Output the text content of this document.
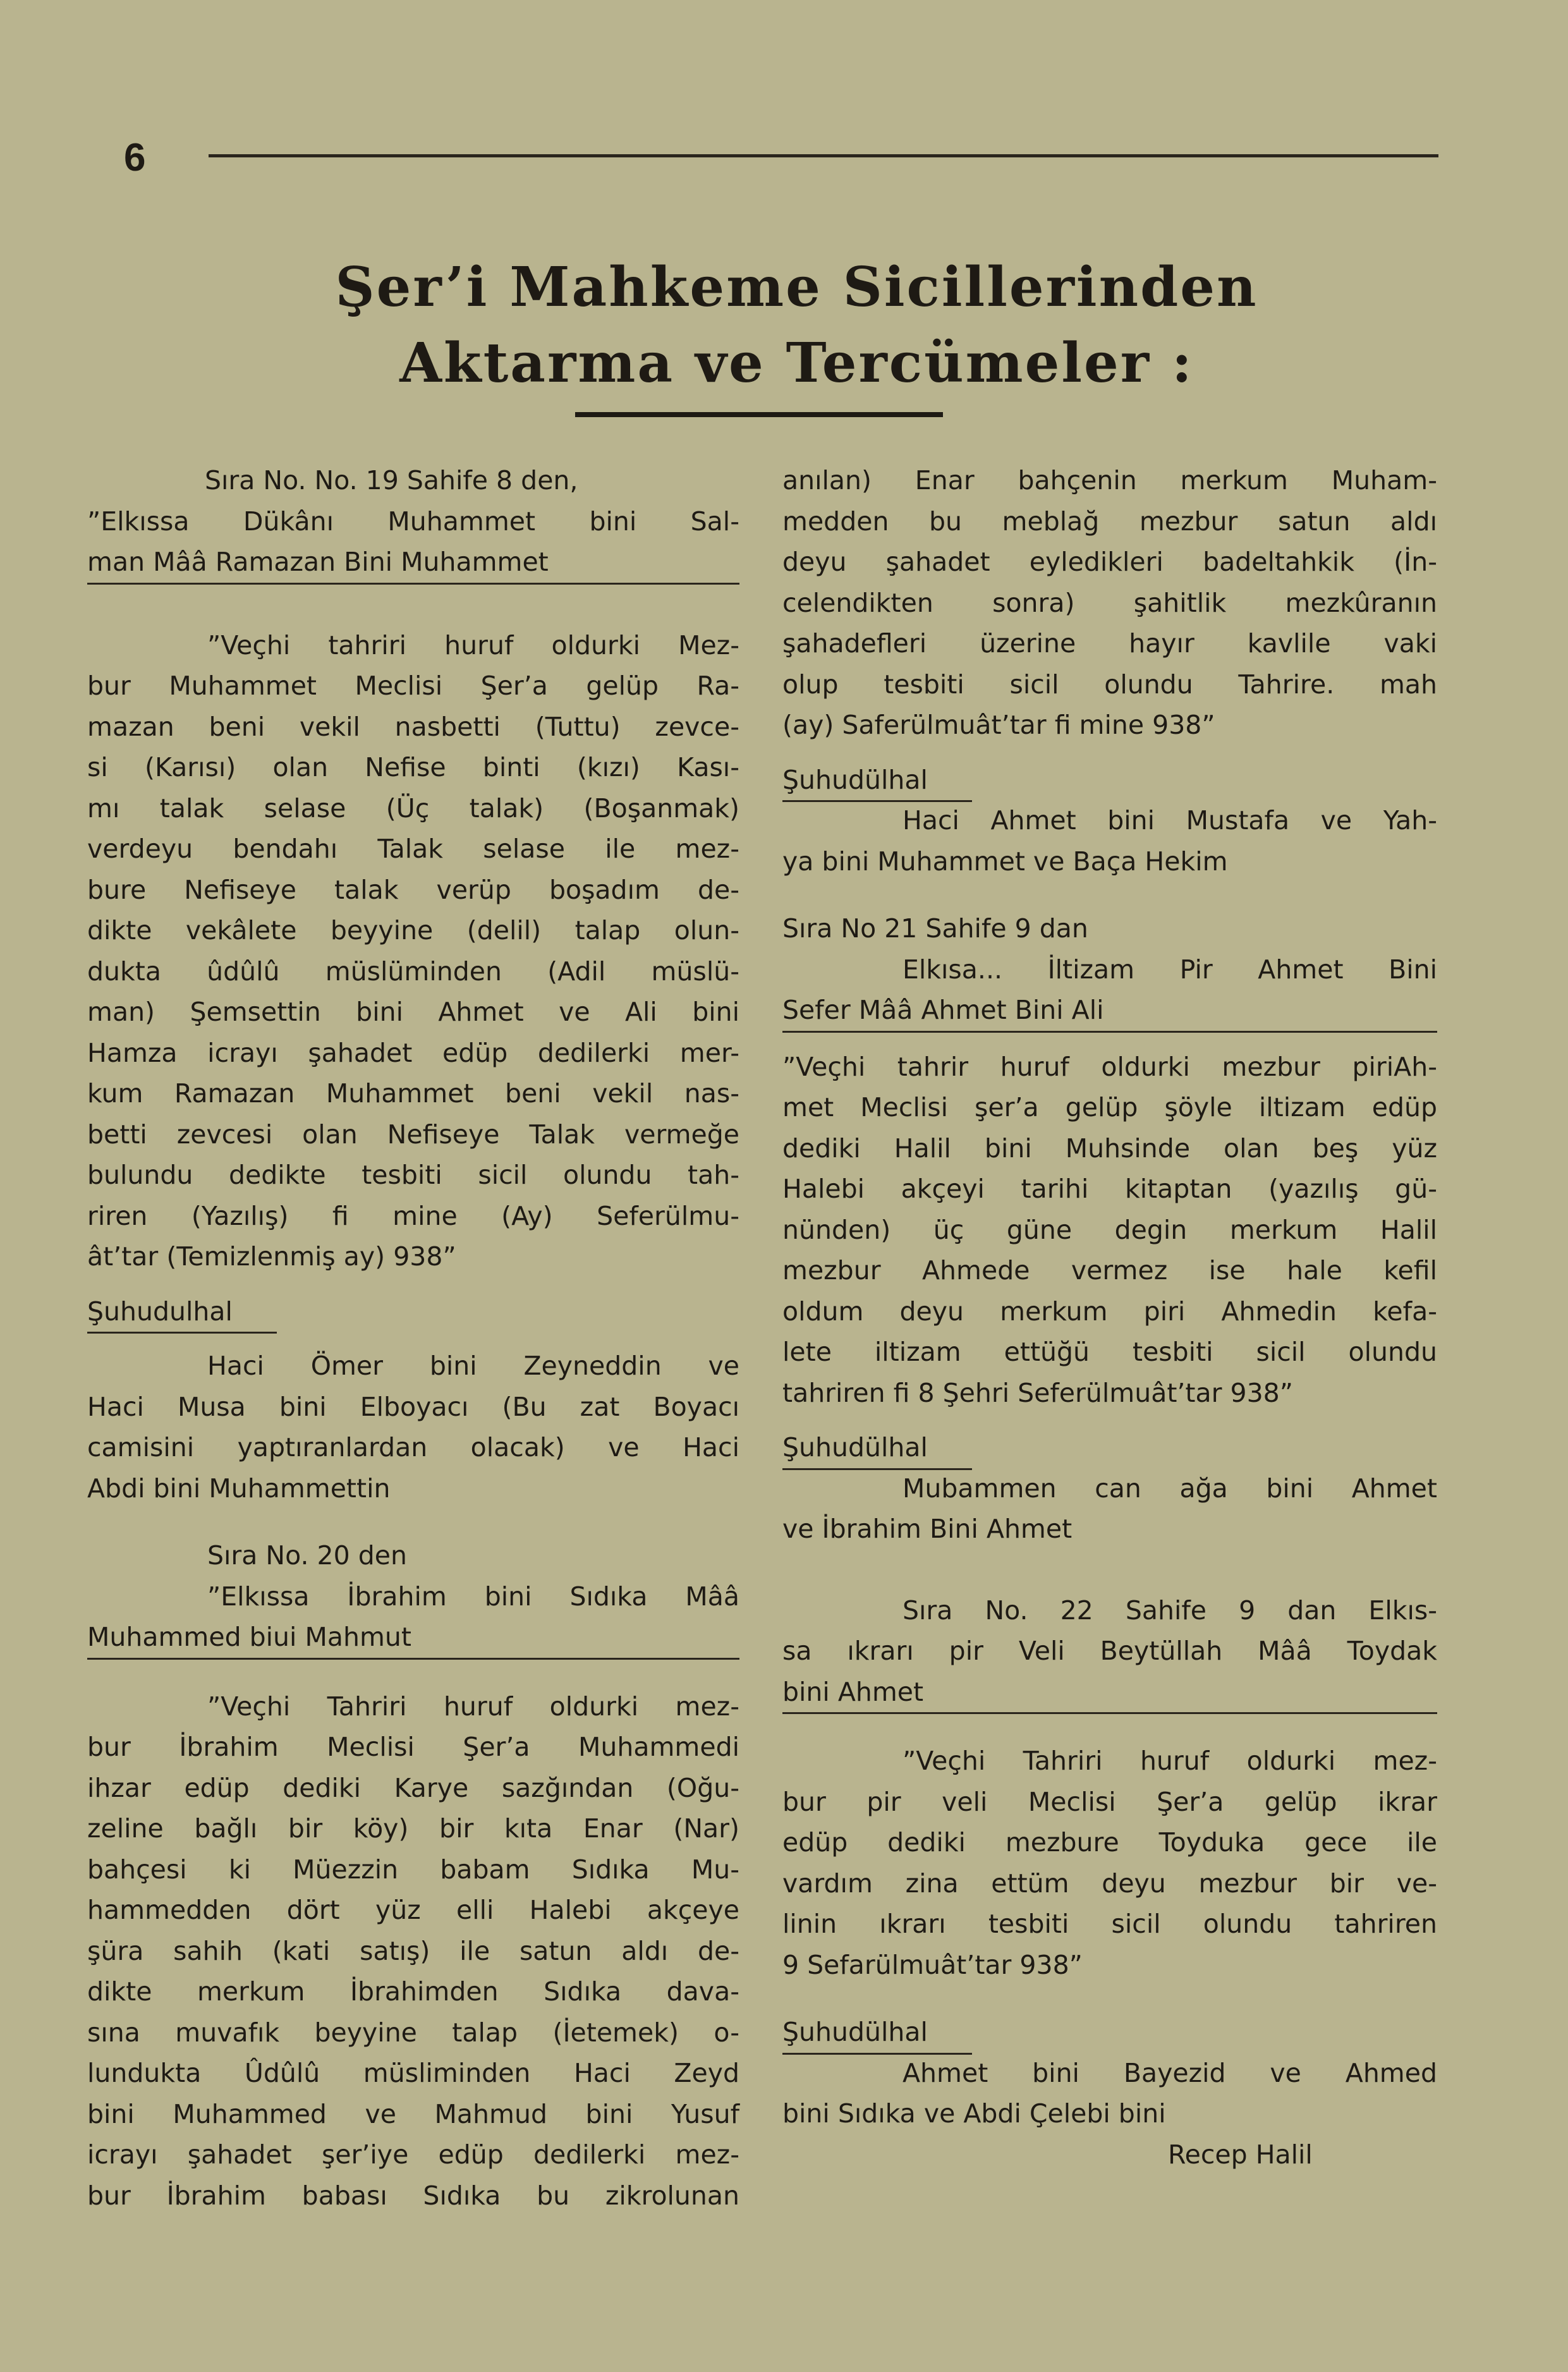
6
Şer’i Mahkeme Sicillerinden
Aktarma ve Tercümeler :
Sıra No. No. 19 Sahife 8 den,
”Elkıssa Dükânı Muhammet bini Sal-
man Mââ Ramazan Bini Muhammet
”Veçhi tahriri huruf oldurki Mez-
bur Muhammet Meclisi Şer’a gelüp Ra-
mazan beni vekil nasbetti (Tuttu) zevce-
si (Karısı) olan Nefise binti (kızı) Kası-
mı talak selase (Üç talak) (Boşanmak)
verdeyu bendahı Talak selase ile mez-
bure Nefiseye talak verüp boşadım de-
dikte vekâlete beyyine (delil) talap olun-
dukta ûdûlû müslüminden (Adil müslü-
man) Şemsettin bini Ahmet ve Ali bini
Hamza icrayı şahadet edüp dedilerki mer-
kum Ramazan Muhammet beni vekil nas-
betti zevcesi olan Nefiseye Talak vermeğe
bulundu dedikte tesbiti sicil olundu tah-
riren (Yazılış) fi mine (Ay) Seferülmu-
ât’tar (Temizlenmiş ay) 938”
Şuhudulhal
Haci Ömer bini Zeyneddin ve
Haci Musa bini Elboyacı (Bu zat Boyacı
camisini yaptıranlardan olacak) ve Haci
Abdi bini Muhammettin
Sıra No. 20 den
”Elkıssa İbrahim bini Sıdıka Mââ
Muhammed biui Mahmut
”Veçhi Tahriri huruf oldurki mez-
bur İbrahim Meclisi Şer’a Muhammedi
ihzar edüp dediki Karye sazğından (Oğu-
zeline bağlı bir köy) bir kıta Enar (Nar)
bahçesi ki Müezzin babam Sıdıka Mu-
hammedden dört yüz elli Halebi akçeye
şüra sahih (kati satış) ile satun aldı de-
dikte merkum İbrahimden Sıdıka dava-
sına muvafık beyyine talap (İetemek) o-
lundukta Ûdûlû müsliminden Haci Zeyd
bini Muhammed ve Mahmud bini Yusuf
icrayı şahadet şer’iye edüp dedilerki mez-
bur İbrahim babası Sıdıka bu zikrolunan
anılan) Enar bahçenin merkum Muham-
medden bu meblağ mezbur satun aldı
deyu şahadet eyledikleri badeltahkik (İn-
celendikten sonra) şahitlik mezkûranın
şahadefleri üzerine hayır kavlile vaki
olup tesbiti sicil olundu Tahrire. mah
(ay) Saferülmuât’tar fi mine 938”
Şuhudülhal
Haci Ahmet bini Mustafa ve Yah-
ya bini Muhammet ve Baça Hekim
Sıra No 21 Sahife 9 dan
Elkısa... İltizam Pir Ahmet Bini
Sefer Mââ Ahmet Bini Ali
”Veçhi tahrir huruf oldurki mezbur piriAh-
met Meclisi şer’a gelüp şöyle iltizam edüp
dediki Halil bini Muhsinde olan beş yüz
Halebi akçeyi tarihi kitaptan (yazılış gü-
nünden) üç güne degin merkum Halil
mezbur Ahmede vermez ise hale kefil
oldum deyu merkum piri Ahmedin kefa-
lete iltizam ettüğü tesbiti sicil olundu
tahriren fi 8 Şehri Seferülmuât’tar 938”
Şuhudülhal
Mubammen can ağa bini Ahmet
ve İbrahim Bini Ahmet
Sıra No. 22 Sahife 9 dan Elkıs-
sa ıkrarı pir Veli Beytüllah Mââ Toydak
bini Ahmet
”Veçhi Tahriri huruf oldurki mez-
bur pir veli Meclisi Şer’a gelüp ikrar
edüp dediki mezbure Toyduka gece ile
vardım zina ettüm deyu mezbur bir ve-
linin ıkrarı tesbiti sicil olundu tahriren
9 Sefarülmuât’tar 938”
Şuhudülhal
Ahmet bini Bayezid ve Ahmed
bini Sıdıka ve Abdi Çelebi bini
Recep Halil
